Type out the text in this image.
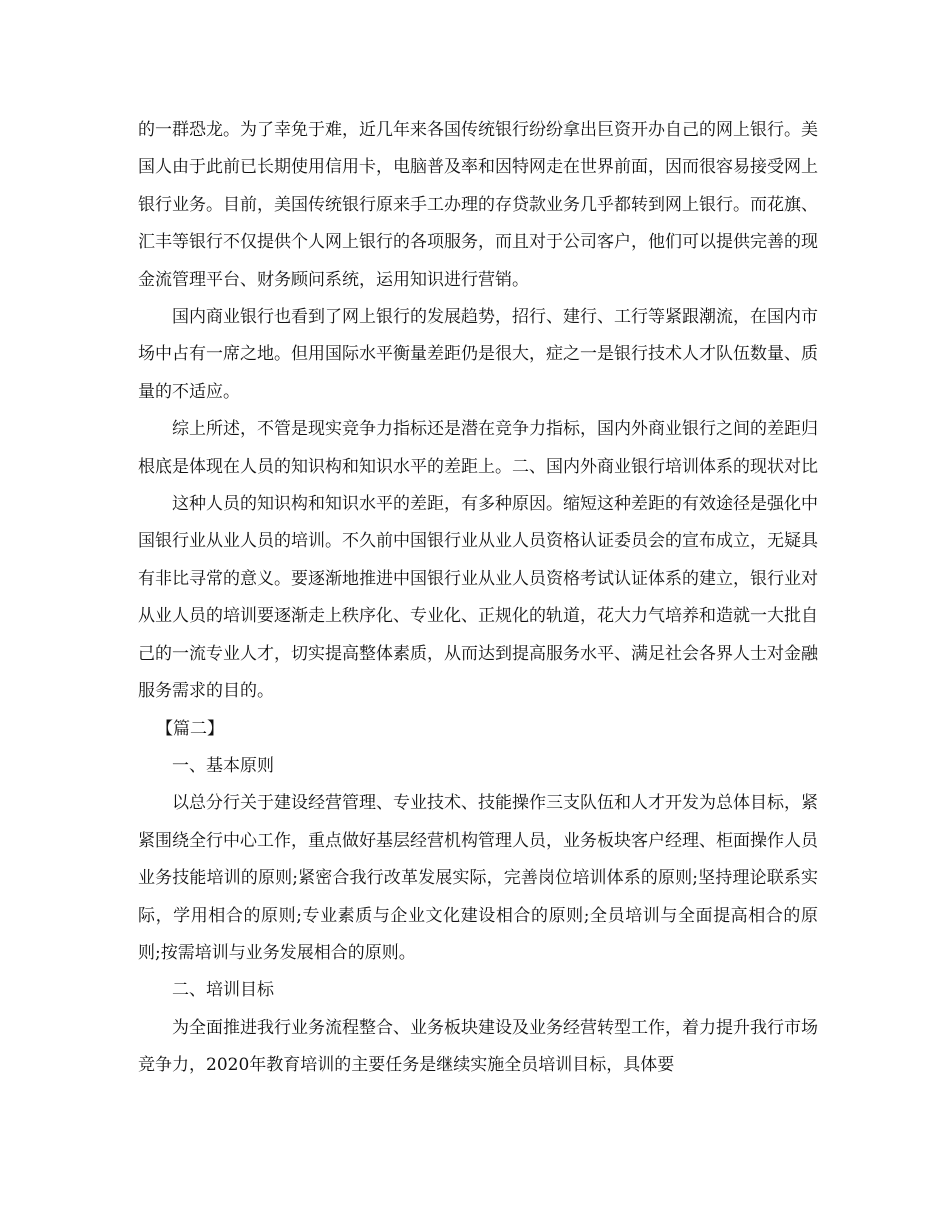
的一群恐龙。为了幸免于难，近几年来各国传统银行纷纷拿出巨资开办自己的网上银行。美国人由于此前已长期使用信用卡，电脑普及率和因特网走在世界前面，因而很容易接受网上银行业务。目前，美国传统银行原来手工办理的存贷款业务几乎都转到网上银行。而花旗、汇丰等银行不仅提供个人网上银行的各项服务，而且对于公司客户，他们可以提供完善的现金流管理平台、财务顾问系统，运用知识进行营销。

国内商业银行也看到了网上银行的发展趋势，招行、建行、工行等紧跟潮流，在国内市场中占有一席之地。但用国际水平衡量差距仍是很大，症之一是银行技术人才队伍数量、质量的不适应。

综上所述，不管是现实竞争力指标还是潜在竞争力指标，国内外商业银行之间的差距归根底是体现在人员的知识构和知识水平的差距上。二、国内外商业银行培训体系的现状对比

这种人员的知识构和知识水平的差距，有多种原因。缩短这种差距的有效途径是强化中国银行业从业人员的培训。不久前中国银行业从业人员资格认证委员会的宣布成立，无疑具有非比寻常的意义。要逐渐地推进中国银行业从业人员资格考试认证体系的建立，银行业对从业人员的培训要逐渐走上秩序化、专业化、正规化的轨道，花大力气培养和造就一大批自己的一流专业人才，切实提高整体素质，从而达到提高服务水平、满足社会各界人士对金融服务需求的目的。

【篇二】

一、基本原则

以总分行关于建设经营管理、专业技术、技能操作三支队伍和人才开发为总体目标，紧紧围绕全行中心工作，重点做好基层经营机构管理人员，业务板块客户经理、柜面操作人员业务技能培训的原则;紧密合我行改革发展实际，完善岗位培训体系的原则;坚持理论联系实际，学用相合的原则;专业素质与企业文化建设相合的原则;全员培训与全面提高相合的原则;按需培训与业务发展相合的原则。

二、培训目标

为全面推进我行业务流程整合、业务板块建设及业务经营转型工作，着力提升我行市场竞争力，2020年教育培训的主要任务是继续实施全员培训目标，具体要
